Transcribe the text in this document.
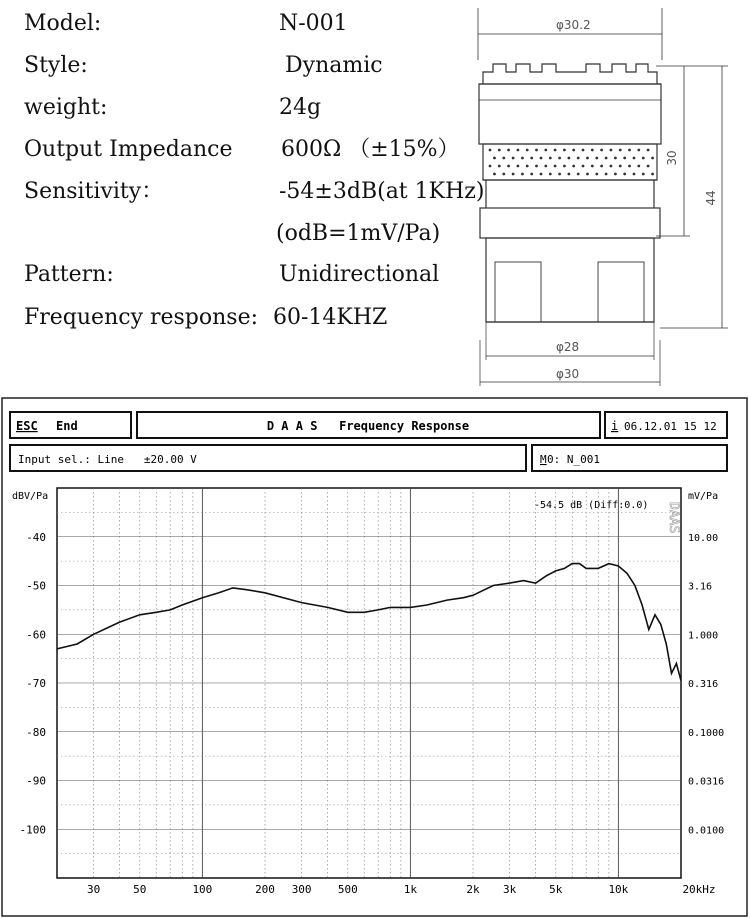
Model:	N-001
Style:	Dynamic
weight:	24g
Output Impedance 600Ω （±15%）
Sensitivity：	-54±3dB(at 1KHz)
(odB=1mV/Pa)
Pattern:	Unidirectional
Frequency response: 60-14KHZ
φ30.2
30
44
φ28
φ30
ESC End	D A A S   Frequency Response	i 06.12.01 15 12
Input sel.: Line   ±20.00 V	M 0: N_001
-40
-50
-60
-70
-80
-90
-100
10.00
3.16
1.000
0.316
0.1000
0.0316
0.0100
30	50	100	200 300 500	1k	2k 3k	5k	10k	20kHz
dBV/Pa	mV/Pa
-54.5 dB (Diff:0.0) DAAS
